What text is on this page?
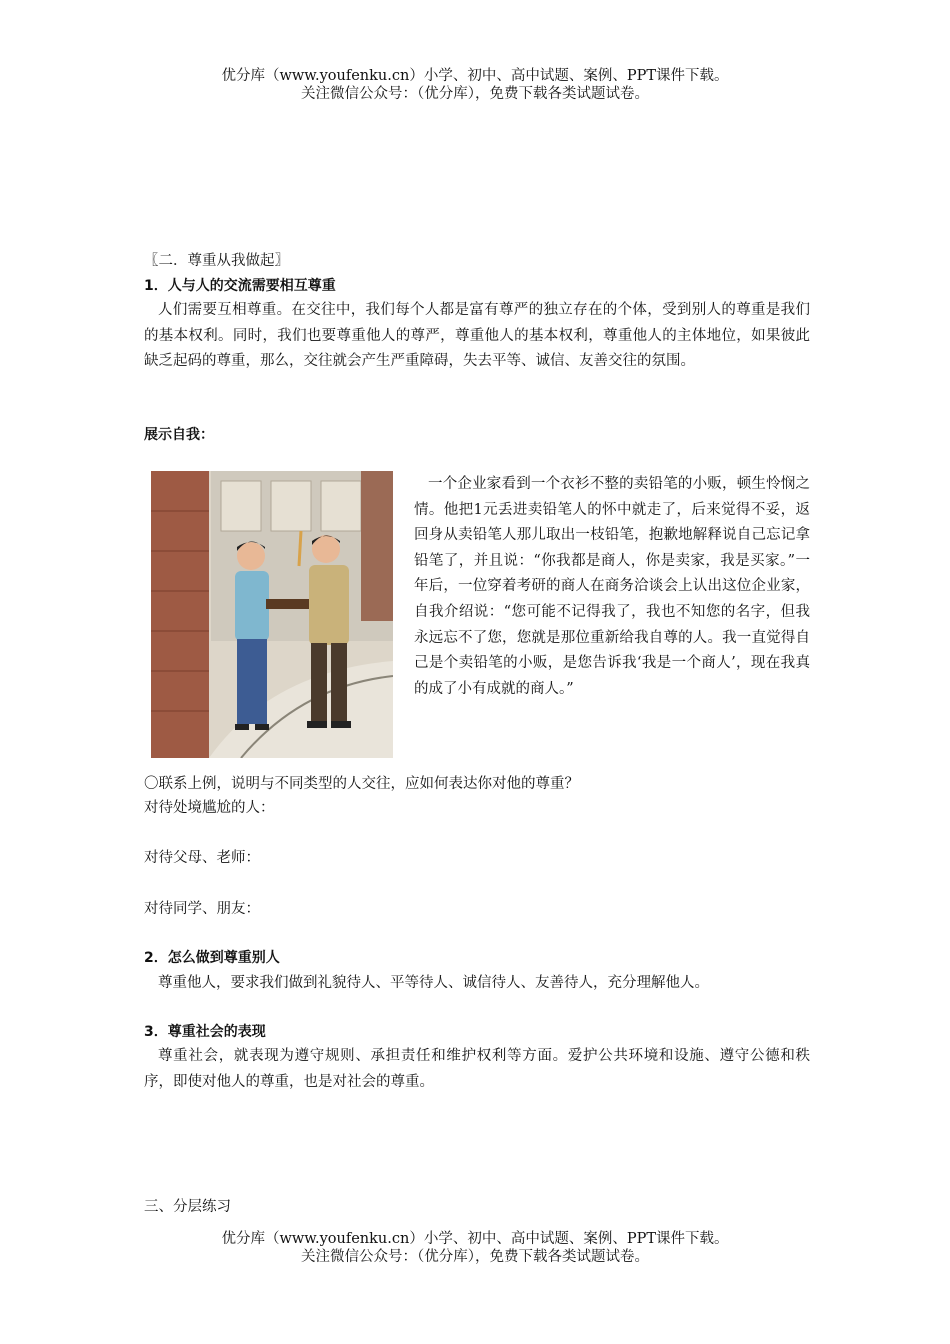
优分库（www.youfenku.cn）小学、初中、高中试题、案例、PPT课件下载。
关注微信公众号：（优分库），免费下载各类试题试卷。
〖二．尊重从我做起〗
1．人与人的交流需要相互尊重
人们需要互相尊重。在交往中，我们每个人都是富有尊严的独立存在的个体，受到别人的尊重是我们的基本权利。同时，我们也要尊重他人的尊严，尊重他人的基本权利，尊重他人的主体地位，如果彼此缺乏起码的尊重，那么，交往就会产生严重障碍，失去平等、诚信、友善交往的氛围。
展示自我：
一个企业家看到一个衣衫不整的卖铅笔的小贩，顿生怜悯之情。他把1元丢进卖铅笔人的怀中就走了，后来觉得不妥，返回身从卖铅笔人那儿取出一枝铅笔，抱歉地解释说自己忘记拿铅笔了，并且说：“你我都是商人，你是卖家，我是买家。”一年后，一位穿着考研的商人在商务洽谈会上认出这位企业家，自我介绍说：“您可能不记得我了，我也不知您的名字，但我永远忘不了您，您就是那位重新给我自尊的人。我一直觉得自己是个卖铅笔的小贩，是您告诉我‘我是一个商人’，现在我真的成了小有成就的商人。”
〇联系上例，说明与不同类型的人交往，应如何表达你对他的尊重？
对待处境尴尬的人：
对待父母、老师：
对待同学、朋友：
2．怎么做到尊重别人
尊重他人，要求我们做到礼貌待人、平等待人、诚信待人、友善待人，充分理解他人。
3．尊重社会的表现
尊重社会，就表现为遵守规则、承担责任和维护权利等方面。爱护公共环境和设施、遵守公德和秩序，即使对他人的尊重，也是对社会的尊重。
三、分层练习
优分库（www.youfenku.cn）小学、初中、高中试题、案例、PPT课件下载。
关注微信公众号：（优分库），免费下载各类试题试卷。
